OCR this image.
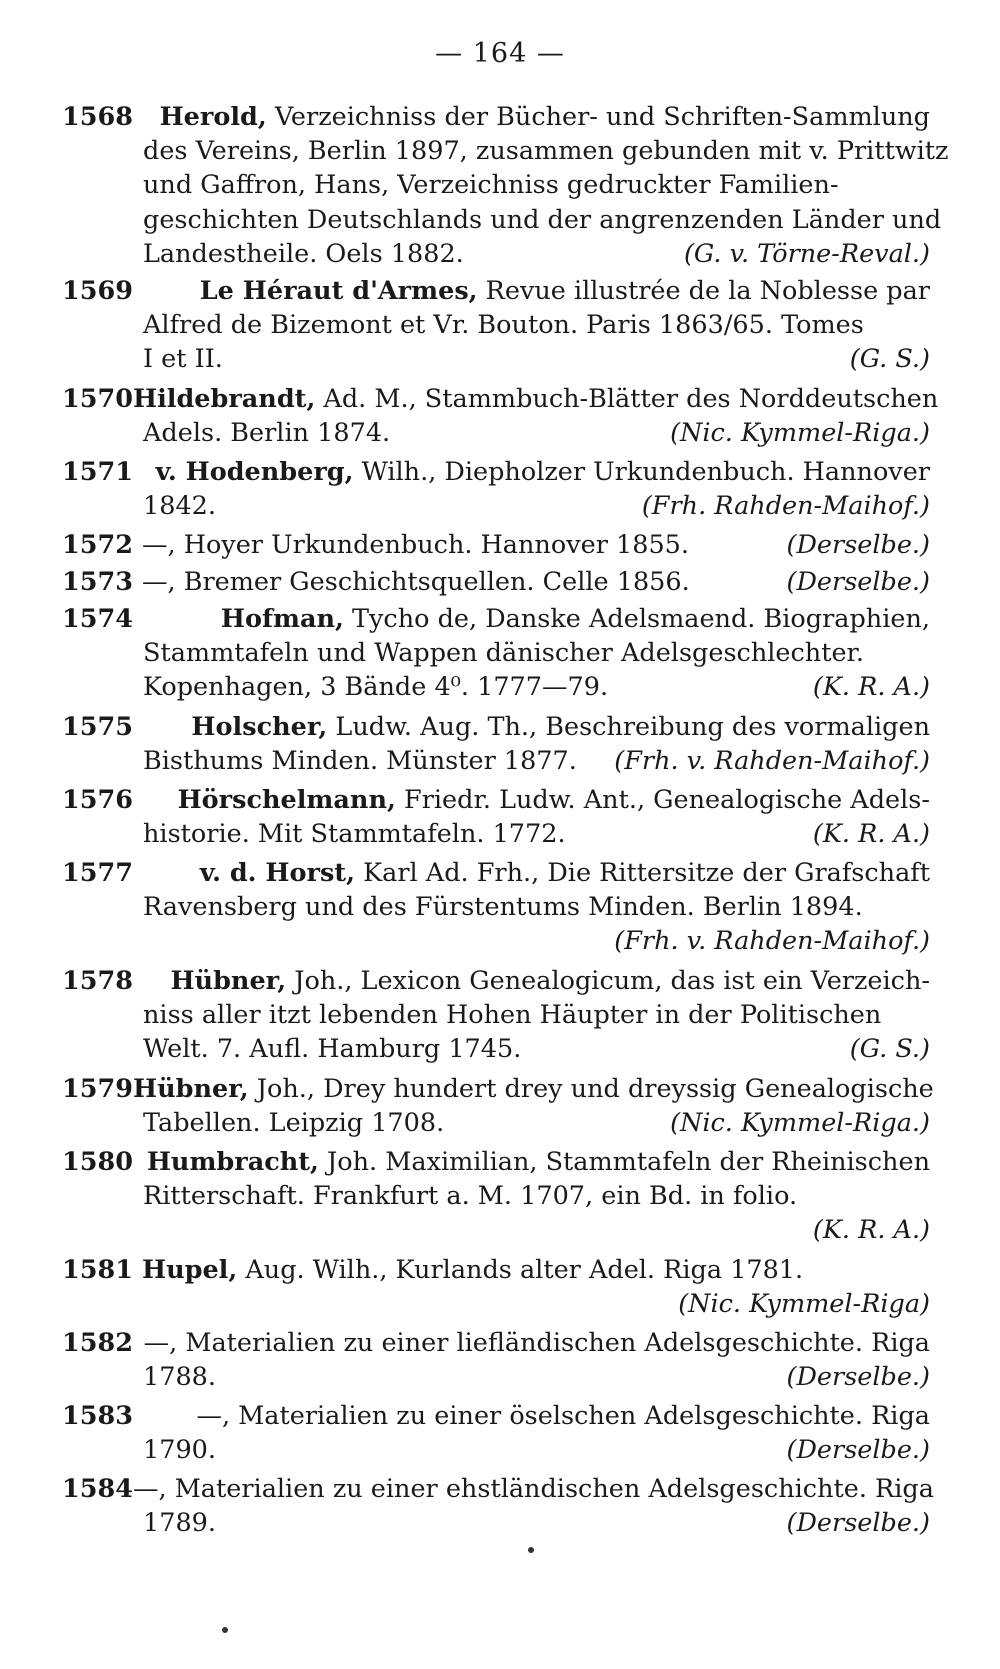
— 164 —
1568	Herold, Verzeichniss der Bücher- und Schriften-Sammlung
des Vereins, Berlin 1897, zusammen gebunden mit v. Prittwitz
und Gaffron, Hans, Verzeichniss gedruckter Familien-
geschichten Deutschlands und der angrenzenden Länder und
Landestheile. Oels 1882.	(G. v. Törne-Reval.)
1569	Le Héraut d'Armes, Revue illustrée de la Noblesse par
Alfred de Bizemont et Vr. Bouton. Paris 1863/65. Tomes
I et II.	(G. S.)
1570 Hildebrandt, Ad. M., Stammbuch-Blätter des Norddeutschen
Adels. Berlin 1874.	(Nic. Kymmel-Riga.)
1571 v. Hodenberg, Wilh., Diepholzer Urkundenbuch. Hannover
1842.	(Frh. Rahden-Maihof.)
1572 —, Hoyer Urkundenbuch. Hannover 1855.	(Derselbe.)
1573 —, Bremer Geschichtsquellen. Celle 1856.	(Derselbe.)
1574	Hofman, Tycho de, Danske Adelsmaend. Biographien,
Stammtafeln und Wappen dänischer Adelsgeschlechter.
Kopenhagen, 3 Bände 4⁰. 1777—79.	(K. R. A.)
1575	Holscher, Ludw. Aug. Th., Beschreibung des vormaligen
Bisthums Minden. Münster 1877. (Frh. v. Rahden-Maihof.)
1576	Hörschelmann, Friedr. Ludw. Ant., Genealogische Adels-
historie. Mit Stammtafeln. 1772.	(K. R. A.)
1577	v. d. Horst, Karl Ad. Frh., Die Rittersitze der Grafschaft
Ravensberg und des Fürstentums Minden. Berlin 1894.
(Frh. v. Rahden-Maihof.)
1578	Hübner, Joh., Lexicon Genealogicum, das ist ein Verzeich-
niss aller itzt lebenden Hohen Häupter in der Politischen
Welt. 7. Aufl. Hamburg 1745.	(G. S.)
1579 Hübner, Joh., Drey hundert drey und dreyssig Genealogische
Tabellen. Leipzig 1708.	(Nic. Kymmel-Riga.)
1580 Humbracht, Joh. Maximilian, Stammtafeln der Rheinischen
Ritterschaft. Frankfurt a. M. 1707, ein Bd. in folio.
(K. R. A.)
1581 Hupel, Aug. Wilh., Kurlands alter Adel. Riga 1781.
(Nic. Kymmel-Riga)
1582 —, Materialien zu einer liefländischen Adelsgeschichte. Riga
1788.	(Derselbe.)
1583	—, Materialien zu einer öselschen Adelsgeschichte. Riga
1790.	(Derselbe.)
1584 —, Materialien zu einer ehstländischen Adelsgeschichte. Riga
1789.	(Derselbe.)
